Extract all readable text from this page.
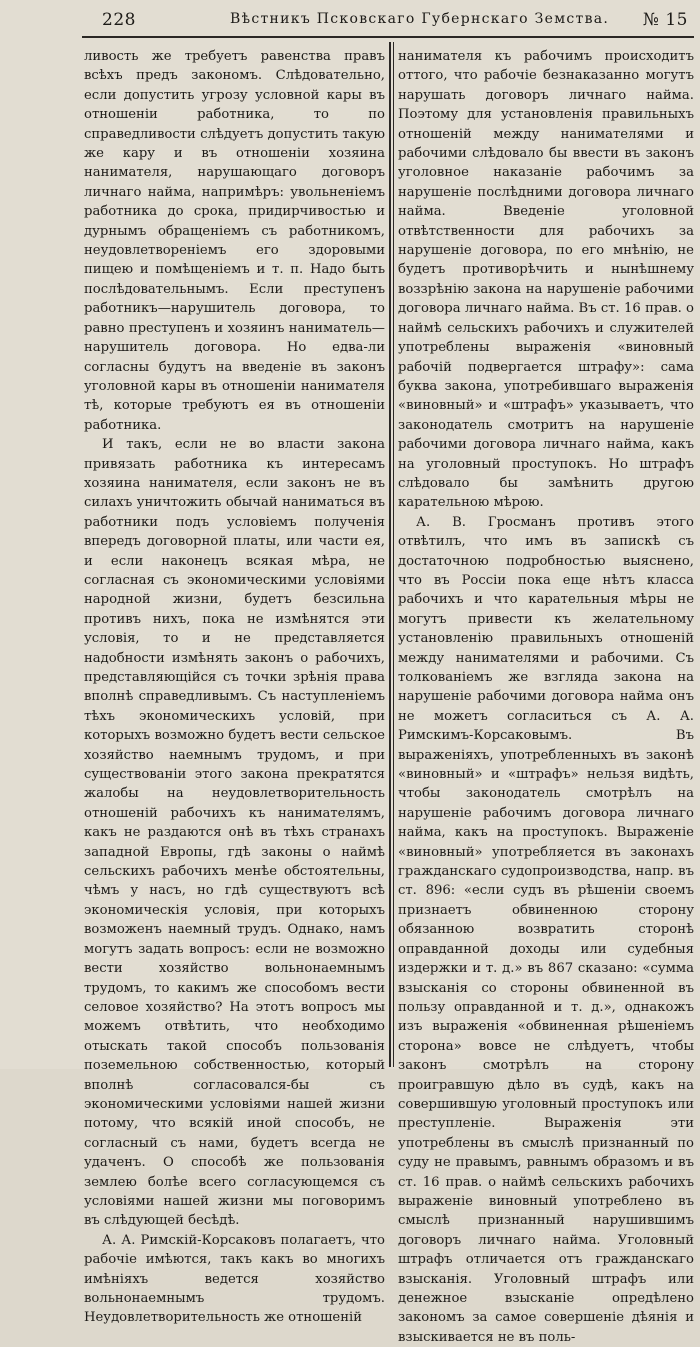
228	Вѣстникъ Псковскаго Губернскаго Земства. № 15

ливость же требуетъ равенства правъ всѣхъ предъ закономъ. Слѣдовательно, если допустить угрозу условной кары въ отношеніи работника, то по справедливости слѣдуетъ допустить такую же кару и въ отношеніи хозяина нанимателя, нарушающаго договоръ личнаго найма, напримѣръ: увольненіемъ работника до срока, придирчивостью и дурнымъ обращеніемъ съ работникомъ, неудовлетвореніемъ его здоровыми пищею и помѣщеніемъ и т. п. Надо быть послѣдовательнымъ. Если преступенъ работникъ—нарушитель договора, то равно преступенъ и хозяинъ наниматель—нарушитель договора. Но едва-ли согласны будутъ на введеніе въ законъ уголовной кары въ отношеніи нанимателя тѣ, которые требуютъ ея въ отношеніи работника.

И такъ, если не во власти закона привязать работника къ интересамъ хозяина нанимателя, если законъ не въ силахъ уничтожить обычай наниматься въ работники подъ условіемъ полученія впередъ договорной платы, или части ея, и если наконецъ всякая мѣра, не согласная съ экономическими условіями народной жизни, будетъ безсильна противъ нихъ, пока не измѣнятся эти условія, то и не представляется надобности измѣнять законъ о рабочихъ, представляющійся съ точки зрѣнія права вполнѣ справедливымъ. Съ наступленіемъ тѣхъ экономическихъ условій, при которыхъ возможно будетъ вести сельское хозяйство наемнымъ трудомъ, и при существованіи этого закона прекратятся жалобы на неудовлетворительность отношеній рабочихъ къ нанимателямъ, какъ не раздаются онѣ въ тѣхъ странахъ западной Европы, гдѣ законы о наймѣ сельскихъ рабочихъ менѣе обстоятельны, чѣмъ у насъ, но гдѣ существуютъ всѣ экономическія условія, при которыхъ возможенъ наемный трудъ. Однако, намъ могутъ задать вопросъ: если не возможно вести хозяйство вольнонаемнымъ трудомъ, то какимъ же способомъ вести селовое хозяйство? На этотъ вопросъ мы можемъ отвѣтить, что необходимо отыскать такой способъ пользованія поземельною собственностью, который вполнѣ согласовался-бы съ экономическими условіями нашей жизни потому, что всякій иной способъ, не согласный съ нами, будетъ всегда не удаченъ. О способѣ же пользованія землею болѣе всего согласующемся съ условіями нашей жизни мы поговоримъ въ слѣдующей бесѣдѣ.

А. А. Римскій-Корсаковъ полагаетъ, что рабочіе имѣются, такъ какъ во многихъ имѣніяхъ ведется хозяйство вольнонаемнымъ трудомъ. Неудовлетворительность же отношеній

нанимателя къ рабочимъ происходитъ оттого, что рабочіе безнаказанно могутъ нарушать договоръ личнаго найма. Поэтому для установленія правильныхъ отношеній между нанимателями и рабочими слѣдовало бы ввести въ законъ уголовное наказаніе рабочимъ за нарушеніе послѣдними договора личнаго найма. Введеніе уголовной отвѣтственности для рабочихъ за нарушеніе договора, по его мнѣнію, не будетъ противорѣчить и нынѣшнему воззрѣнію закона на нарушеніе рабочими договора личнаго найма. Въ ст. 16 прав. о наймѣ сельскихъ рабочихъ и служителей употреблены выраженія «виновный рабочій подвергается штрафу»: сама буква закона, употребившаго выраженія «виновный» и «штрафъ» указываетъ, что законодатель смотритъ на нарушеніе рабочими договора личнаго найма, какъ на уголовный проступокъ. Но штрафъ слѣдовало бы замѣнить другою карательною мѣрою.

А. В. Гросманъ противъ этого отвѣтилъ, что имъ въ запискѣ съ достаточною подробностью выяснено, что въ Россіи пока еще нѣтъ класса рабочихъ и что карательныя мѣры не могутъ привести къ желательному установленію правильныхъ отношеній между нанимателями и рабочими. Съ толкованіемъ же взгляда закона на нарушеніе рабочими договора найма онъ не можетъ согласиться съ А. А. Римскимъ-Корсаковымъ. Въ выраженіяхъ, употребленныхъ въ законѣ «виновный» и «штрафъ» нельзя видѣть, чтобы законодатель смотрѣлъ на нарушеніе рабочимъ договора личнаго найма, какъ на проступокъ. Выраженіе «виновный» употребляется въ законахъ гражданскаго судопроизводства, напр. въ ст. 896: «если судъ въ рѣшеніи своемъ признаетъ обвиненною сторону обязанною возвратить сторонѣ оправданной доходы или судебныя издержки и т. д.» въ 867 сказано: «сумма взысканія со стороны обвиненной въ пользу оправданной и т. д.», однакожъ изъ выраженія «обвиненная рѣшеніемъ сторона» вовсе не слѣдуетъ, чтобы законъ смотрѣлъ на сторону проигравшую дѣло въ судѣ, какъ на совершившую уголовный проступокъ или преступленіе. Выраженія эти употреблены въ смыслѣ признанный по суду не правымъ, равнымъ образомъ и въ ст. 16 прав. о наймѣ сельскихъ рабочихъ выраженіе виновный употреблено въ смыслѣ признанный нарушившимъ договоръ личнаго найма. Уголовный штрафъ отличается отъ гражданскаго взысканія. Уголовный штрафъ или денежное взысканіе опредѣлено закономъ за самое совершеніе дѣянія и взыскивается не въ поль-
